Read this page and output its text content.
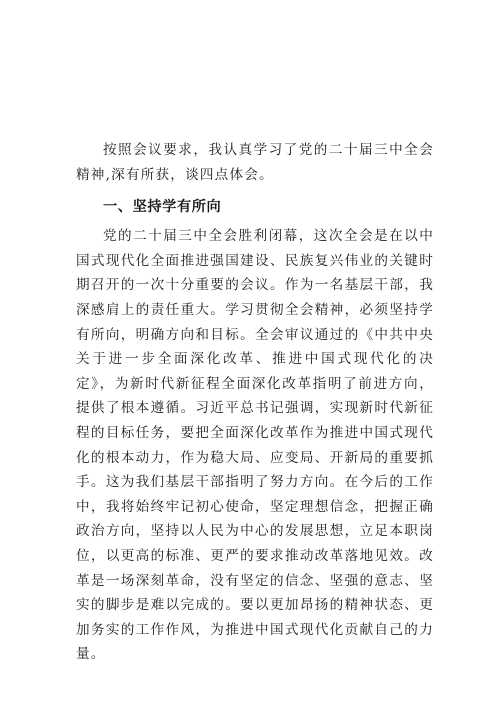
按照会议要求，我认真学习了党的二十届三中全会精神,深有所获，谈四点体会。

一、坚持学有所向

党的二十届三中全会胜利闭幕，这次全会是在以中国式现代化全面推进强国建设、民族复兴伟业的关键时期召开的一次十分重要的会议。作为一名基层干部，我深感肩上的责任重大。学习贯彻全会精神，必须坚持学有所向，明确方向和目标。全会审议通过的《中共中央关于进一步全面深化改革、推进中国式现代化的决定》，为新时代新征程全面深化改革指明了前进方向，提供了根本遵循。习近平总书记强调，实现新时代新征程的目标任务，要把全面深化改革作为推进中国式现代化的根本动力，作为稳大局、应变局、开新局的重要抓手。这为我们基层干部指明了努力方向。在今后的工作中，我将始终牢记初心使命，坚定理想信念，把握正确政治方向，坚持以人民为中心的发展思想，立足本职岗位，以更高的标准、更严的要求推动改革落地见效。改革是一场深刻革命，没有坚定的信念、坚强的意志、坚实的脚步是难以完成的。要以更加昂扬的精神状态、更加务实的工作作风，为推进中国式现代化贡献自己的力量。
